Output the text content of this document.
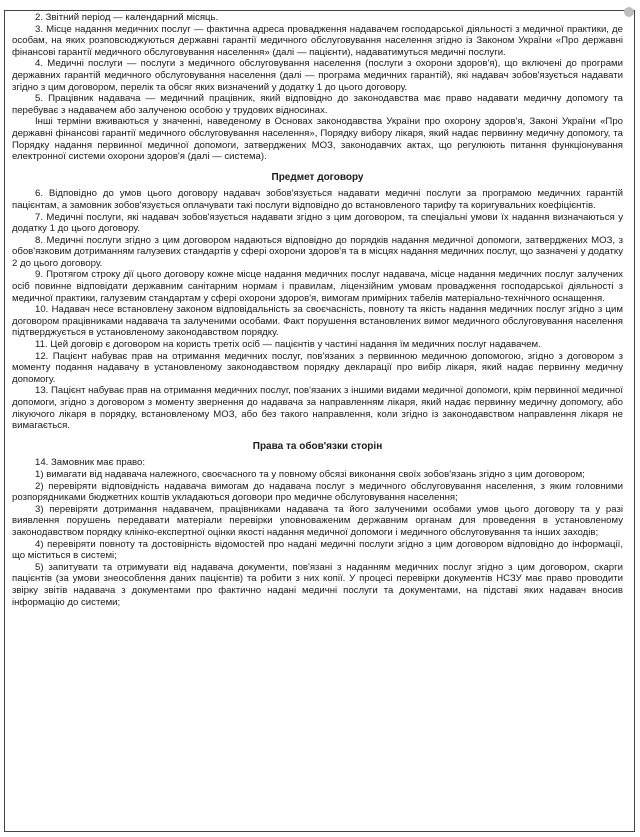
2. Звітний період — календарний місяць.

3. Місце надання медичних послуг — фактична адреса провадження надавачем господарської діяльності з медичної практики, де особам, на яких розповсюджуються державні гарантії медичного обслуговування населення згідно із Законом України «Про державні фінансові гарантії медичного обслуговування населення» (далі — пацієнти), надаватимуться медичні послуги.

4. Медичні послуги — послуги з медичного обслуговування населення (послуги з охорони здоров'я), що включені до програми державних гарантій медичного обслуговування населення (далі — програма медичних гарантій), які надавач зобов'язується надавати згідно з цим договором, перелік та обсяг яких визначений у додатку 1 до цього договору.

5. Працівник надавача — медичний працівник, який відповідно до законодавства має право надавати медичну допомогу та перебуває з надавачем або залученою особою у трудових відносинах.

Інші терміни вживаються у значенні, наведеному в Основах законодавства України про охорону здоров'я, Законі України «Про державні фінансові гарантії медичного обслуговування населення», Порядку вибору лікаря, який надає первинну медичну допомогу, та Порядку надання первинної медичної допомоги, затверджених МОЗ, законодавчих актах, що регулюють питання функціонування електронної системи охорони здоров'я (далі — система).

Предмет договору

6. Відповідно до умов цього договору надавач зобов'язується надавати медичні послуги за програмою медичних гарантій пацієнтам, а замовник зобов'язується оплачувати такі послуги відповідно до встановленого тарифу та коригувальних коефіцієнтів.

7. Медичні послуги, які надавач зобов'язується надавати згідно з цим договором, та спеціальні умови їх надання визначаються у додатку 1 до цього договору.

8. Медичні послуги згідно з цим договором надаються відповідно до порядків надання медичної допомоги, затверджених МОЗ, з обов'язковим дотриманням галузевих стандартів у сфері охорони здоров'я та в місцях надання медичних послуг, що зазначені у додатку 2 до цього договору.

9. Протягом строку дії цього договору кожне місце надання медичних послуг надавача, місце надання медичних послуг залучених осіб повинне відповідати державним санітарним нормам і правилам, ліцензійним умовам провадження господарської діяльності з медичної практики, галузевим стандартам у сфері охорони здоров'я, вимогам примірних табелів матеріально-технічного оснащення.

10. Надавач несе встановлену законом відповідальність за своєчасність, повноту та якість надання медичних послуг згідно з цим договором працівниками надавача та залученими особами. Факт порушення встановлених вимог медичного обслуговування населення підтверджується в установленому законодавством порядку.

11. Цей договір є договором на користь третіх осіб — пацієнтів у частині надання їм медичних послуг надавачем.

12. Пацієнт набуває прав на отримання медичних послуг, пов'язаних з первинною медичною допомогою, згідно з договором з моменту подання надавачу в установленому законодавством порядку декларації про вибір лікаря, який надає первинну медичну допомогу.

13. Пацієнт набуває прав на отримання медичних послуг, пов'язаних з іншими видами медичної допомоги, крім первинної медичної допомоги, згідно з договором з моменту звернення до надавача за направленням лікаря, який надає первинну медичну допомогу, або лікуючого лікаря в порядку, встановленому МОЗ, або без такого направлення, коли згідно із законодавством направлення лікаря не вимагається.

Права та обов'язки сторін

14. Замовник має право:

1) вимагати від надавача належного, своєчасного та у повному обсязі виконання своїх зобов'язань згідно з цим договором;

2) перевіряти відповідність надавача вимогам до надавача послуг з медичного обслуговування населення, з яким головними розпорядниками бюджетних коштів укладаються договори про медичне обслуговування населення;

3) перевіряти дотримання надавачем, працівниками надавача та його залученими особами умов цього договору та у разі виявлення порушень передавати матеріали перевірки уповноваженим державним органам для проведення в установленому законодавством порядку клініко-експертної оцінки якості надання медичної допомоги і медичного обслуговування та інших заходів;

4) перевіряти повноту та достовірність відомостей про надані медичні послуги згідно з цим договором відповідно до інформації, що міститься в системі;

5) запитувати та отримувати від надавача документи, пов'язані з наданням медичних послуг згідно з цим договором, скарги пацієнтів (за умови знеособлення даних пацієнтів) та робити з них копії. У процесі перевірки документів НСЗУ має право проводити звірку звітів надавача з документами про фактично надані медичні послуги та документами, на підставі яких надавач вносив інформацію до системи;
